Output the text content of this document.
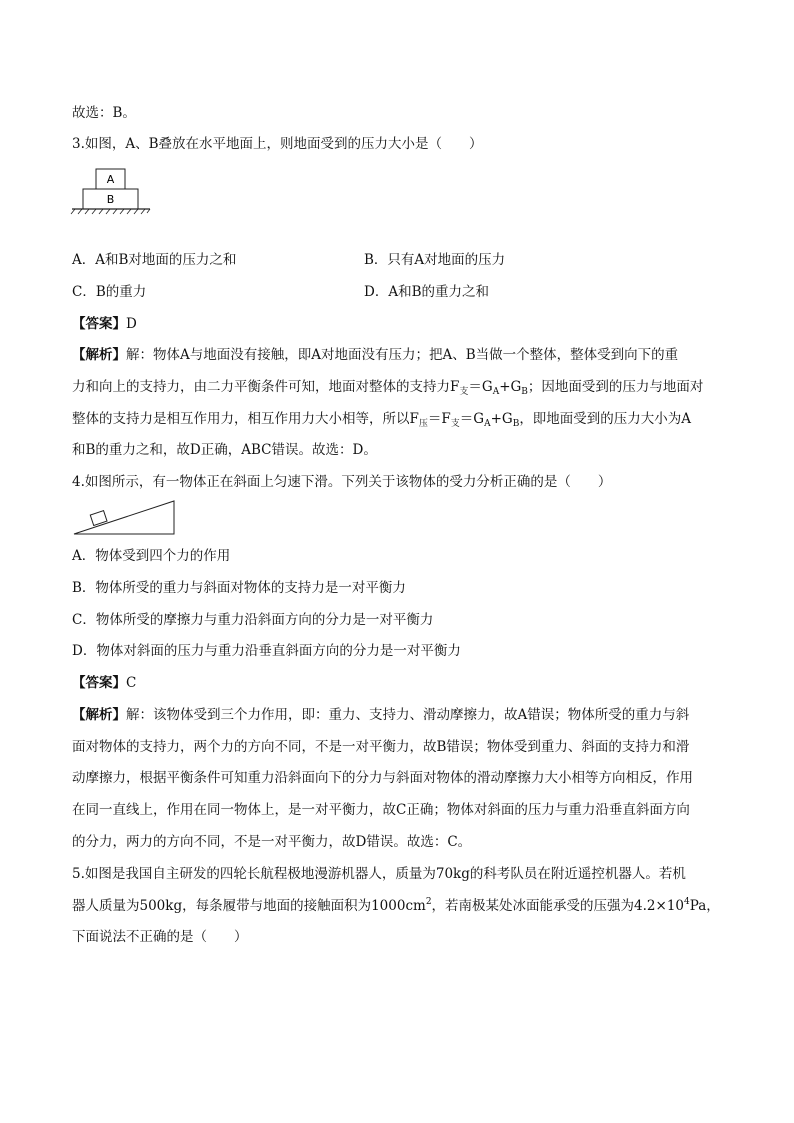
故选：B。
3.如图，A、B叠放在水平地面上，则地面受到的压力大小是（　　）
A
B
A．A和B对地面的压力之和	B．只有A对地面的压力
C．B的重力	D．A和B的重力之和
【答案】D
【解析】解：物体A与地面没有接触，即A对地面没有压力；把A、B当做一个整体，整体受到向下的重
力和向上的支持力，由二力平衡条件可知，地面对整体的支持力$F_支=G_A+G_B$；因地面受到的压力与地面对
整体的支持力是相互作用力，相互作用力大小相等，所以$F_压=F_支=G_A+G_B$，即地面受到的压力大小为A
和B的重力之和，故D正确，ABC错误。故选：D。
4.如图所示，有一物体正在斜面上匀速下滑。下列关于该物体的受力分析正确的是（　　）
A．物体受到四个力的作用
B．物体所受的重力与斜面对物体的支持力是一对平衡力
C．物体所受的摩擦力与重力沿斜面方向的分力是一对平衡力
D．物体对斜面的压力与重力沿垂直斜面方向的分力是一对平衡力
【答案】C
【解析】解：该物体受到三个力作用，即：重力、支持力、滑动摩擦力，故A错误；物体所受的重力与斜
面对物体的支持力，两个力的方向不同，不是一对平衡力，故B错误；物体受到重力、斜面的支持力和滑
动摩擦力，根据平衡条件可知重力沿斜面向下的分力与斜面对物体的滑动摩擦力大小相等方向相反，作用
在同一直线上，作用在同一物体上，是一对平衡力，故C正确；物体对斜面的压力与重力沿垂直斜面方向
的分力，两力的方向不同，不是一对平衡力，故D错误。故选：C。
5.如图是我国自主研发的四轮长航程极地漫游机器人，质量为70kg的科考队员在附近遥控机器人。若机
器人质量为500kg，每条履带与地面的接触面积为$1000cm^2$，若南极某处冰面能承受的压强为$4.2\times 10^4Pa$，
下面说法不正确的是（　　）
